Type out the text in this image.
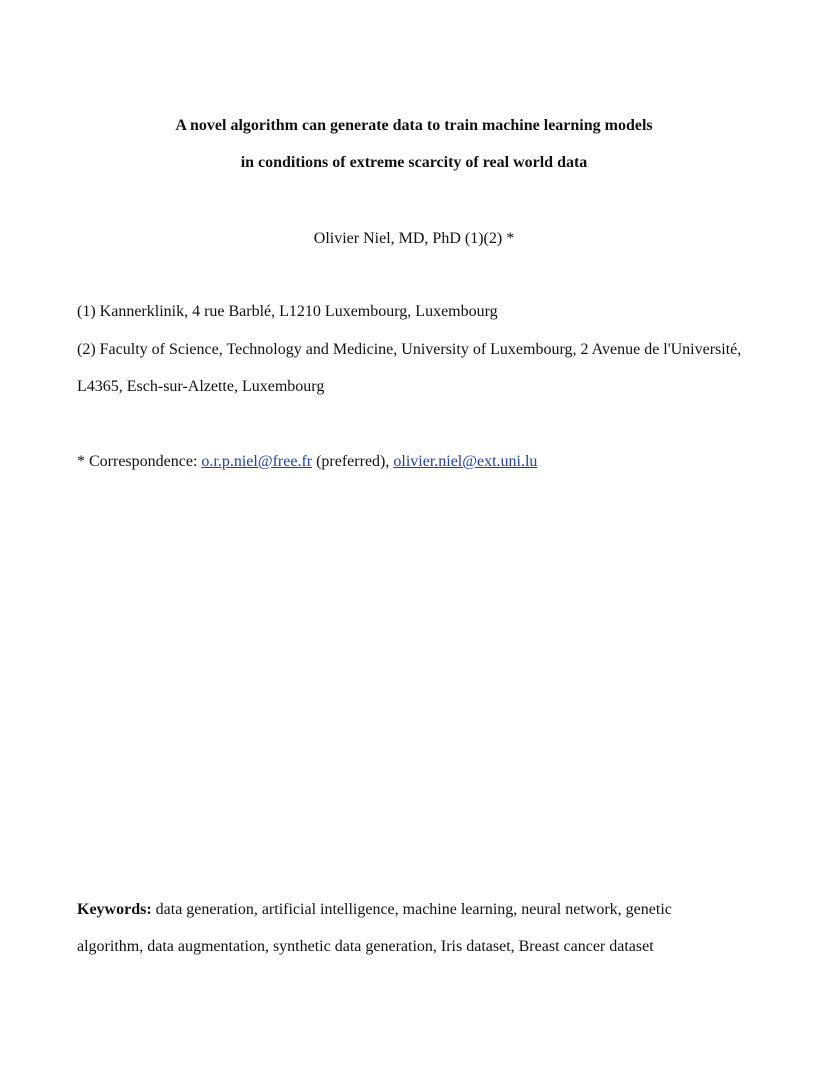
A novel algorithm can generate data to train machine learning models
in conditions of extreme scarcity of real world data
Olivier Niel, MD, PhD (1)(2) *
(1) Kannerklinik, 4 rue Barblé, L1210 Luxembourg, Luxembourg
(2) Faculty of Science, Technology and Medicine, University of Luxembourg, 2 Avenue de l'Université,
L4365, Esch-sur-Alzette, Luxembourg
* Correspondence: o.r.p.niel@free.fr (preferred), olivier.niel@ext.uni.lu
Keywords: data generation, artificial intelligence, machine learning, neural network, genetic
algorithm, data augmentation, synthetic data generation, Iris dataset, Breast cancer dataset
